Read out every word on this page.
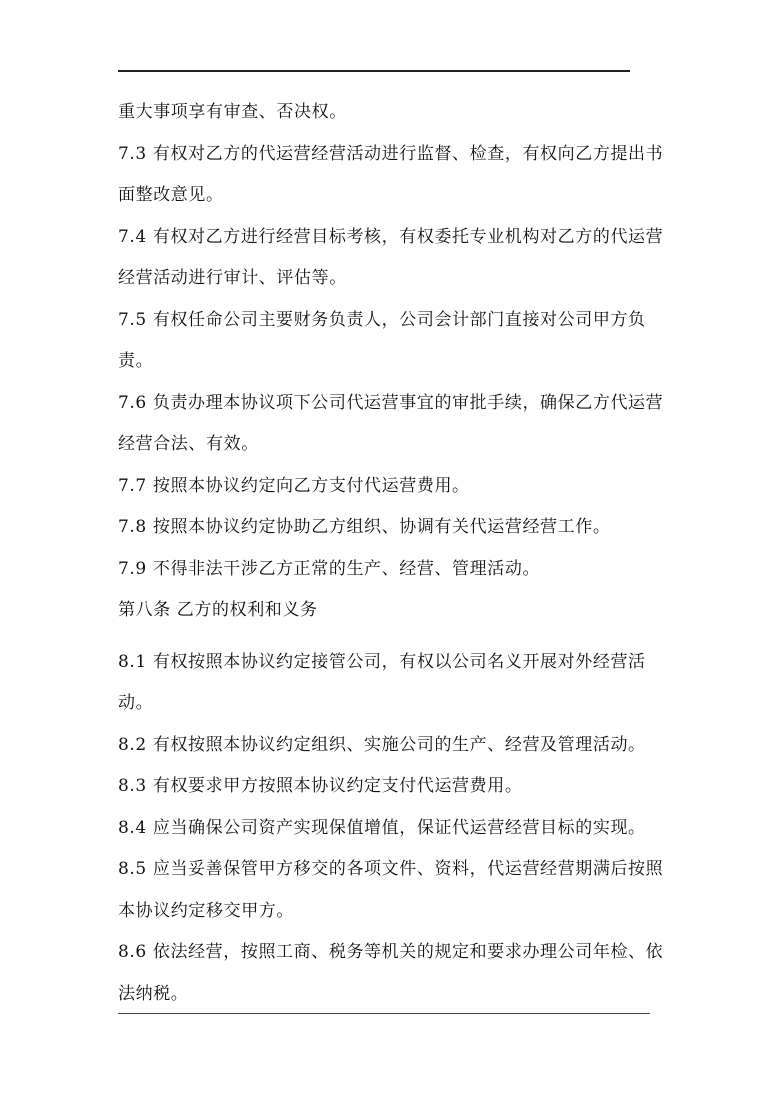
重大事项享有审查、否决权。
7.3 有权对乙方的代运营经营活动进行监督、检查，有权向乙方提出书
面整改意见。
7.4 有权对乙方进行经营目标考核，有权委托专业机构对乙方的代运营
经营活动进行审计、评估等。
7.5 有权任命公司主要财务负责人，公司会计部门直接对公司甲方负
责。
7.6 负责办理本协议项下公司代运营事宜的审批手续，确保乙方代运营
经营合法、有效。
7.7 按照本协议约定向乙方支付代运营费用。
7.8 按照本协议约定协助乙方组织、协调有关代运营经营工作。
7.9 不得非法干涉乙方正常的生产、经营、管理活动。
第八条 乙方的权利和义务
8.1 有权按照本协议约定接管公司，有权以公司名义开展对外经营活
动。
8.2 有权按照本协议约定组织、实施公司的生产、经营及管理活动。
8.3 有权要求甲方按照本协议约定支付代运营费用。
8.4 应当确保公司资产实现保值增值，保证代运营经营目标的实现。
8.5 应当妥善保管甲方移交的各项文件、资料，代运营经营期满后按照
本协议约定移交甲方。
8.6 依法经营，按照工商、税务等机关的规定和要求办理公司年检、依
法纳税。
